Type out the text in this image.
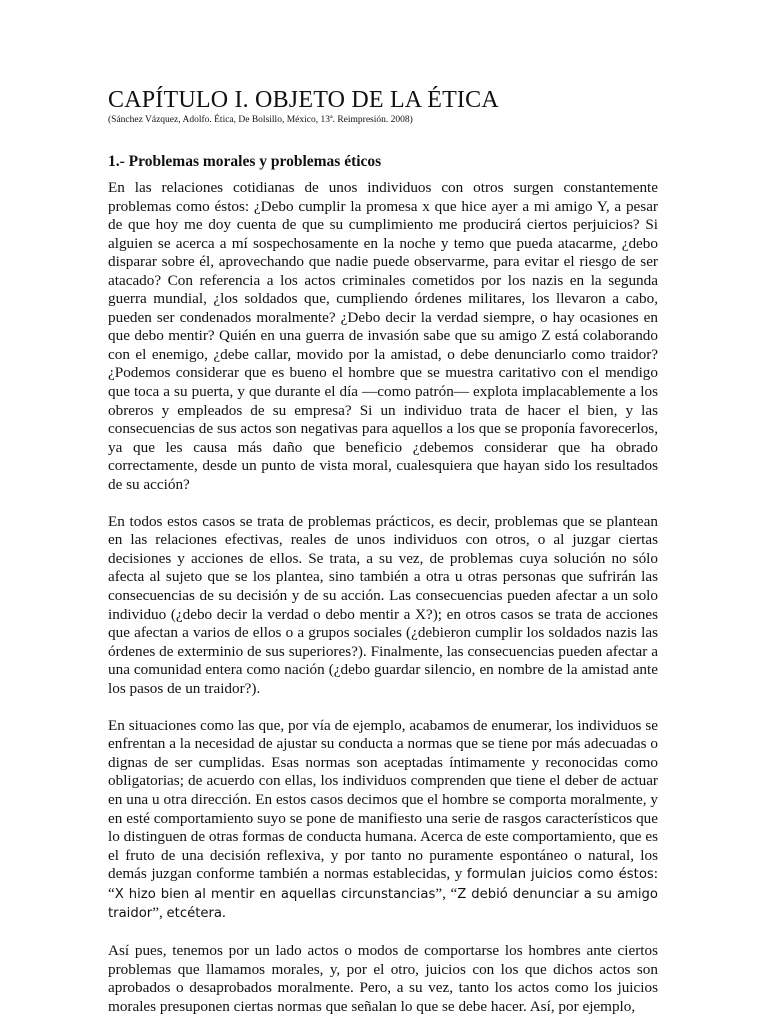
CAPÍTULO I. OBJETO DE LA ÉTICA

(Sánchez Vázquez, Adolfo. Ética, De Bolsillo, México, 13ª. Reimpresión. 2008)

1.- Problemas morales y problemas éticos

En las relaciones cotidianas de unos individuos con otros surgen constantemente problemas como éstos: ¿Debo cumplir la promesa x que hice ayer a mi amigo Y, a pesar de que hoy me doy cuenta de que su cumplimiento me producirá ciertos perjuicios? Si alguien se acerca a mí sospechosamente en la noche y temo que pueda atacarme, ¿debo disparar sobre él, aprovechando que nadie puede observarme, para evitar el riesgo de ser atacado? Con referencia a los actos criminales cometidos por los nazis en la segunda guerra mundial, ¿los soldados que, cumpliendo órdenes militares, los llevaron a cabo, pueden ser condenados moralmente? ¿Debo decir la verdad siempre, o hay ocasiones en que debo mentir? Quién en una guerra de invasión sabe que su amigo Z está colaborando con el enemigo, ¿debe callar, movido por la amistad, o debe denunciarlo como traidor? ¿Podemos considerar que es bueno el hombre que se muestra caritativo con el mendigo que toca a su puerta, y que durante el día —como patrón— explota implacablemente a los obreros y empleados de su empresa? Si un individuo trata de hacer el bien, y las consecuencias de sus actos son negativas para aquellos a los que se proponía favorecerlos, ya que les causa más daño que beneficio ¿debemos considerar que ha obrado correctamente, desde un punto de vista moral, cualesquiera que hayan sido los resultados de su acción?

En todos estos casos se trata de problemas prácticos, es decir, problemas que se plantean en las relaciones efectivas, reales de unos individuos con otros, o al juzgar ciertas decisiones y acciones de ellos. Se trata, a su vez, de problemas cuya solución no sólo afecta al sujeto que se los plantea, sino también a otra u otras personas que sufrirán las consecuencias de su decisión y de su acción. Las consecuencias pueden afectar a un solo individuo (¿debo decir la verdad o debo mentir a X?); en otros casos se trata de acciones que afectan a varios de ellos o a grupos sociales (¿debieron cumplir los soldados nazis las órdenes de exterminio de sus superiores?). Finalmente, las consecuencias pueden afectar a una comunidad entera como nación (¿debo guardar silencio, en nombre de la amistad ante los pasos de un traidor?).

En situaciones como las que, por vía de ejemplo, acabamos de enumerar, los individuos se enfrentan a la necesidad de ajustar su conducta a normas que se tiene por más adecuadas o dignas de ser cumplidas. Esas normas son aceptadas íntimamente y reconocidas como obligatorias; de acuerdo con ellas, los individuos comprenden que tiene el deber de actuar en una u otra dirección. En estos casos decimos que el hombre se comporta moralmente, y en esté comportamiento suyo se pone de manifiesto una serie de rasgos característicos que lo distinguen de otras formas de conducta humana. Acerca de este comportamiento, que es el fruto de una decisión reflexiva, y por tanto no puramente espontáneo o natural, los demás juzgan conforme también a normas establecidas, y formulan juicios como éstos: “X hizo bien al mentir en aquellas circunstancias”, “Z debió denunciar a su amigo traidor”, etcétera.

Así pues, tenemos por un lado actos o modos de comportarse los hombres ante ciertos problemas que llamamos morales, y, por el otro, juicios con los que dichos actos son aprobados o desaprobados moralmente. Pero, a su vez, tanto los actos como los juicios morales presuponen ciertas normas que señalan lo que se debe hacer. Así, por ejemplo,
